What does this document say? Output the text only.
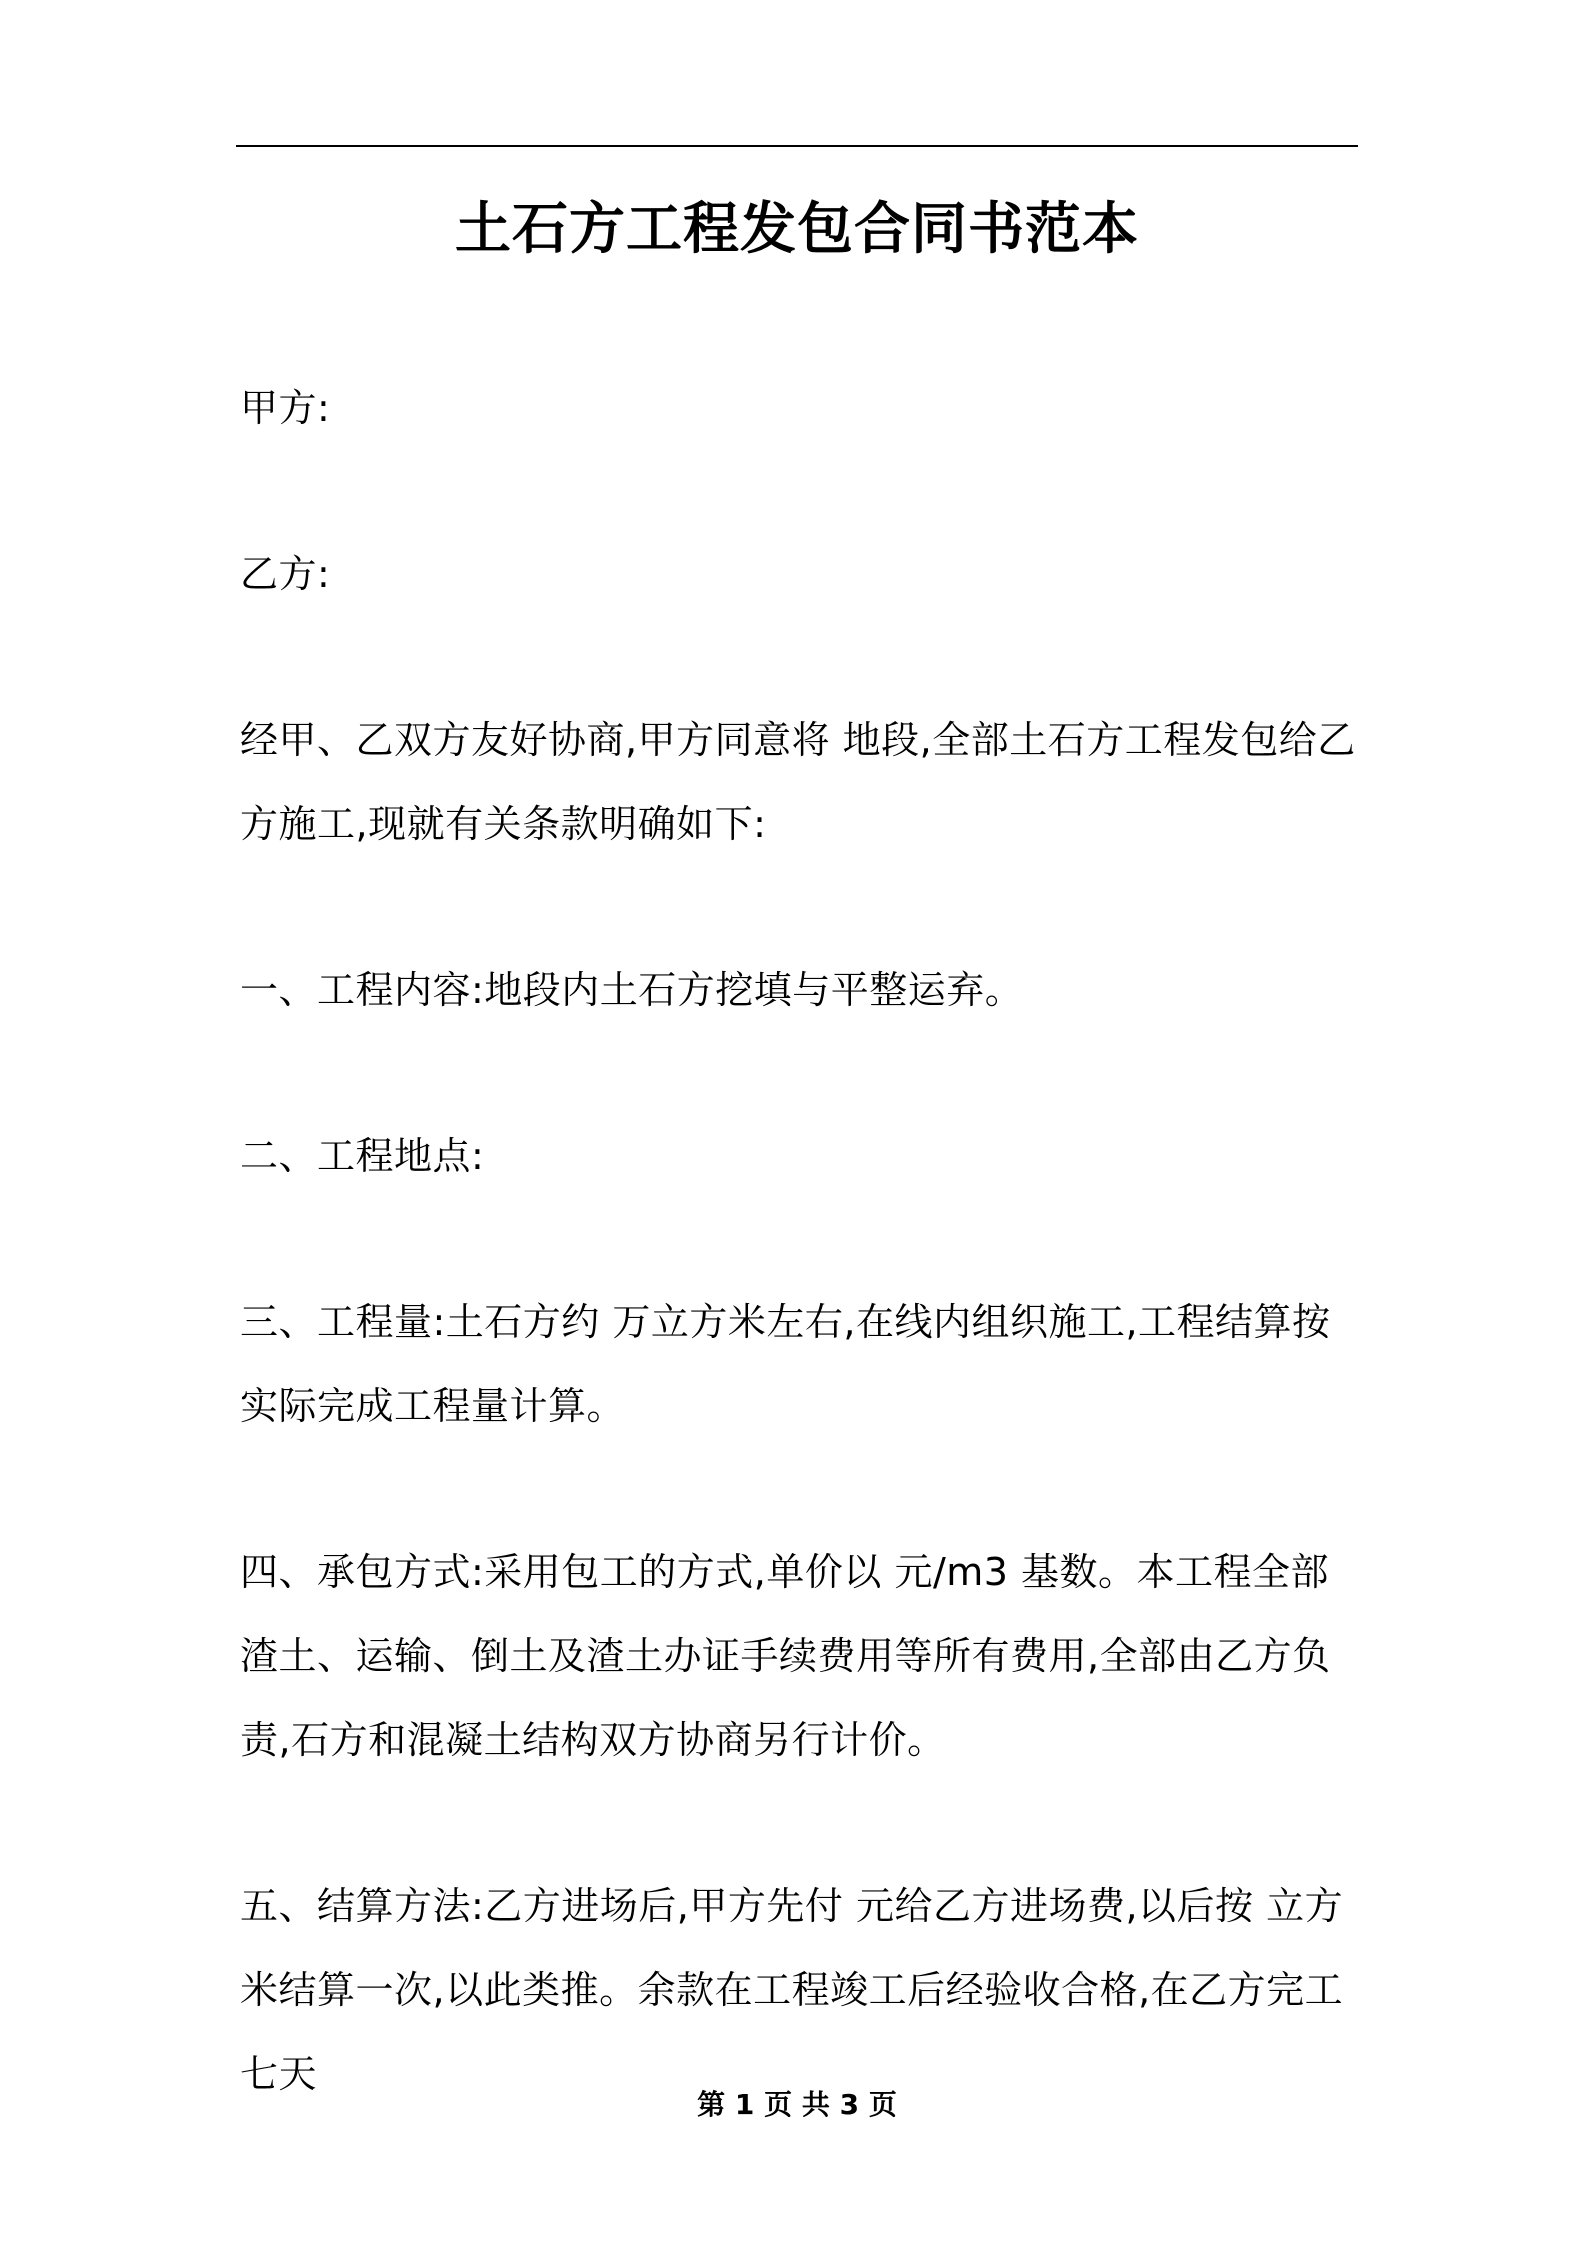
土石方工程发包合同书范本

甲方:

乙方:

经甲、乙双方友好协商,甲方同意将 地段,全部土石方工程发包给乙方施工,现就有关条款明确如下:

一、工程内容:地段内土石方挖填与平整运弃。

二、工程地点:

三、工程量:土石方约 万立方米左右,在线内组织施工,工程结算按实际完成工程量计算。

四、承包方式:采用包工的方式,单价以 元/m3 基数。本工程全部渣土、运输、倒土及渣土办证手续费用等所有费用,全部由乙方负责,石方和混凝土结构双方协商另行计价。

五、结算方法:乙方进场后,甲方先付 元给乙方进场费,以后按 立方米结算一次,以此类推。余款在工程竣工后经验收合格,在乙方完工七天

第 1 页 共 3 页
